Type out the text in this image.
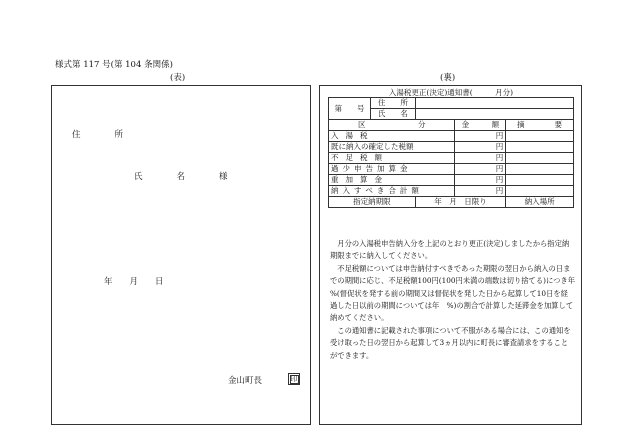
様式第 117 号(第 104 条関係)
(表)	(裏)
住　　　　所
氏　　　　名　　　　様
年　　月　　日
金山町長	印
入湯税更正(決定)通知書(　　　月分)
第　　号	住　　所			
	氏　　名			
区　　　　　　　分			金　　　額	摘　　　　要
入湯税			円	
既に納入の確定した税額			円	
不足税額			円	
過少申告加算金			円	
重加算金			円	
納入すべき合計額			円	
指定納期限		年　月　日限り		納入場所

　月分の入湯税申告納入分を上記のとおり更正(決定)しましたから指定納期限までに納入してください。

　不足税額については申告納付すべきであった期限の翌日から納入の日までの期間に応じ、不足税額100円(100円未満の端数は切り捨てる)につき年　%(督促状を発する前の期間又は督促状を発した日から起算して10日を経過した日以前の期間については年　%)の割合で計算した延滞金を加算して納めてください。

　この通知書に記載された事項について不服がある場合には、この通知を受け取った日の翌日から起算して3ヵ月以内に町長に審査請求をすることができます。
